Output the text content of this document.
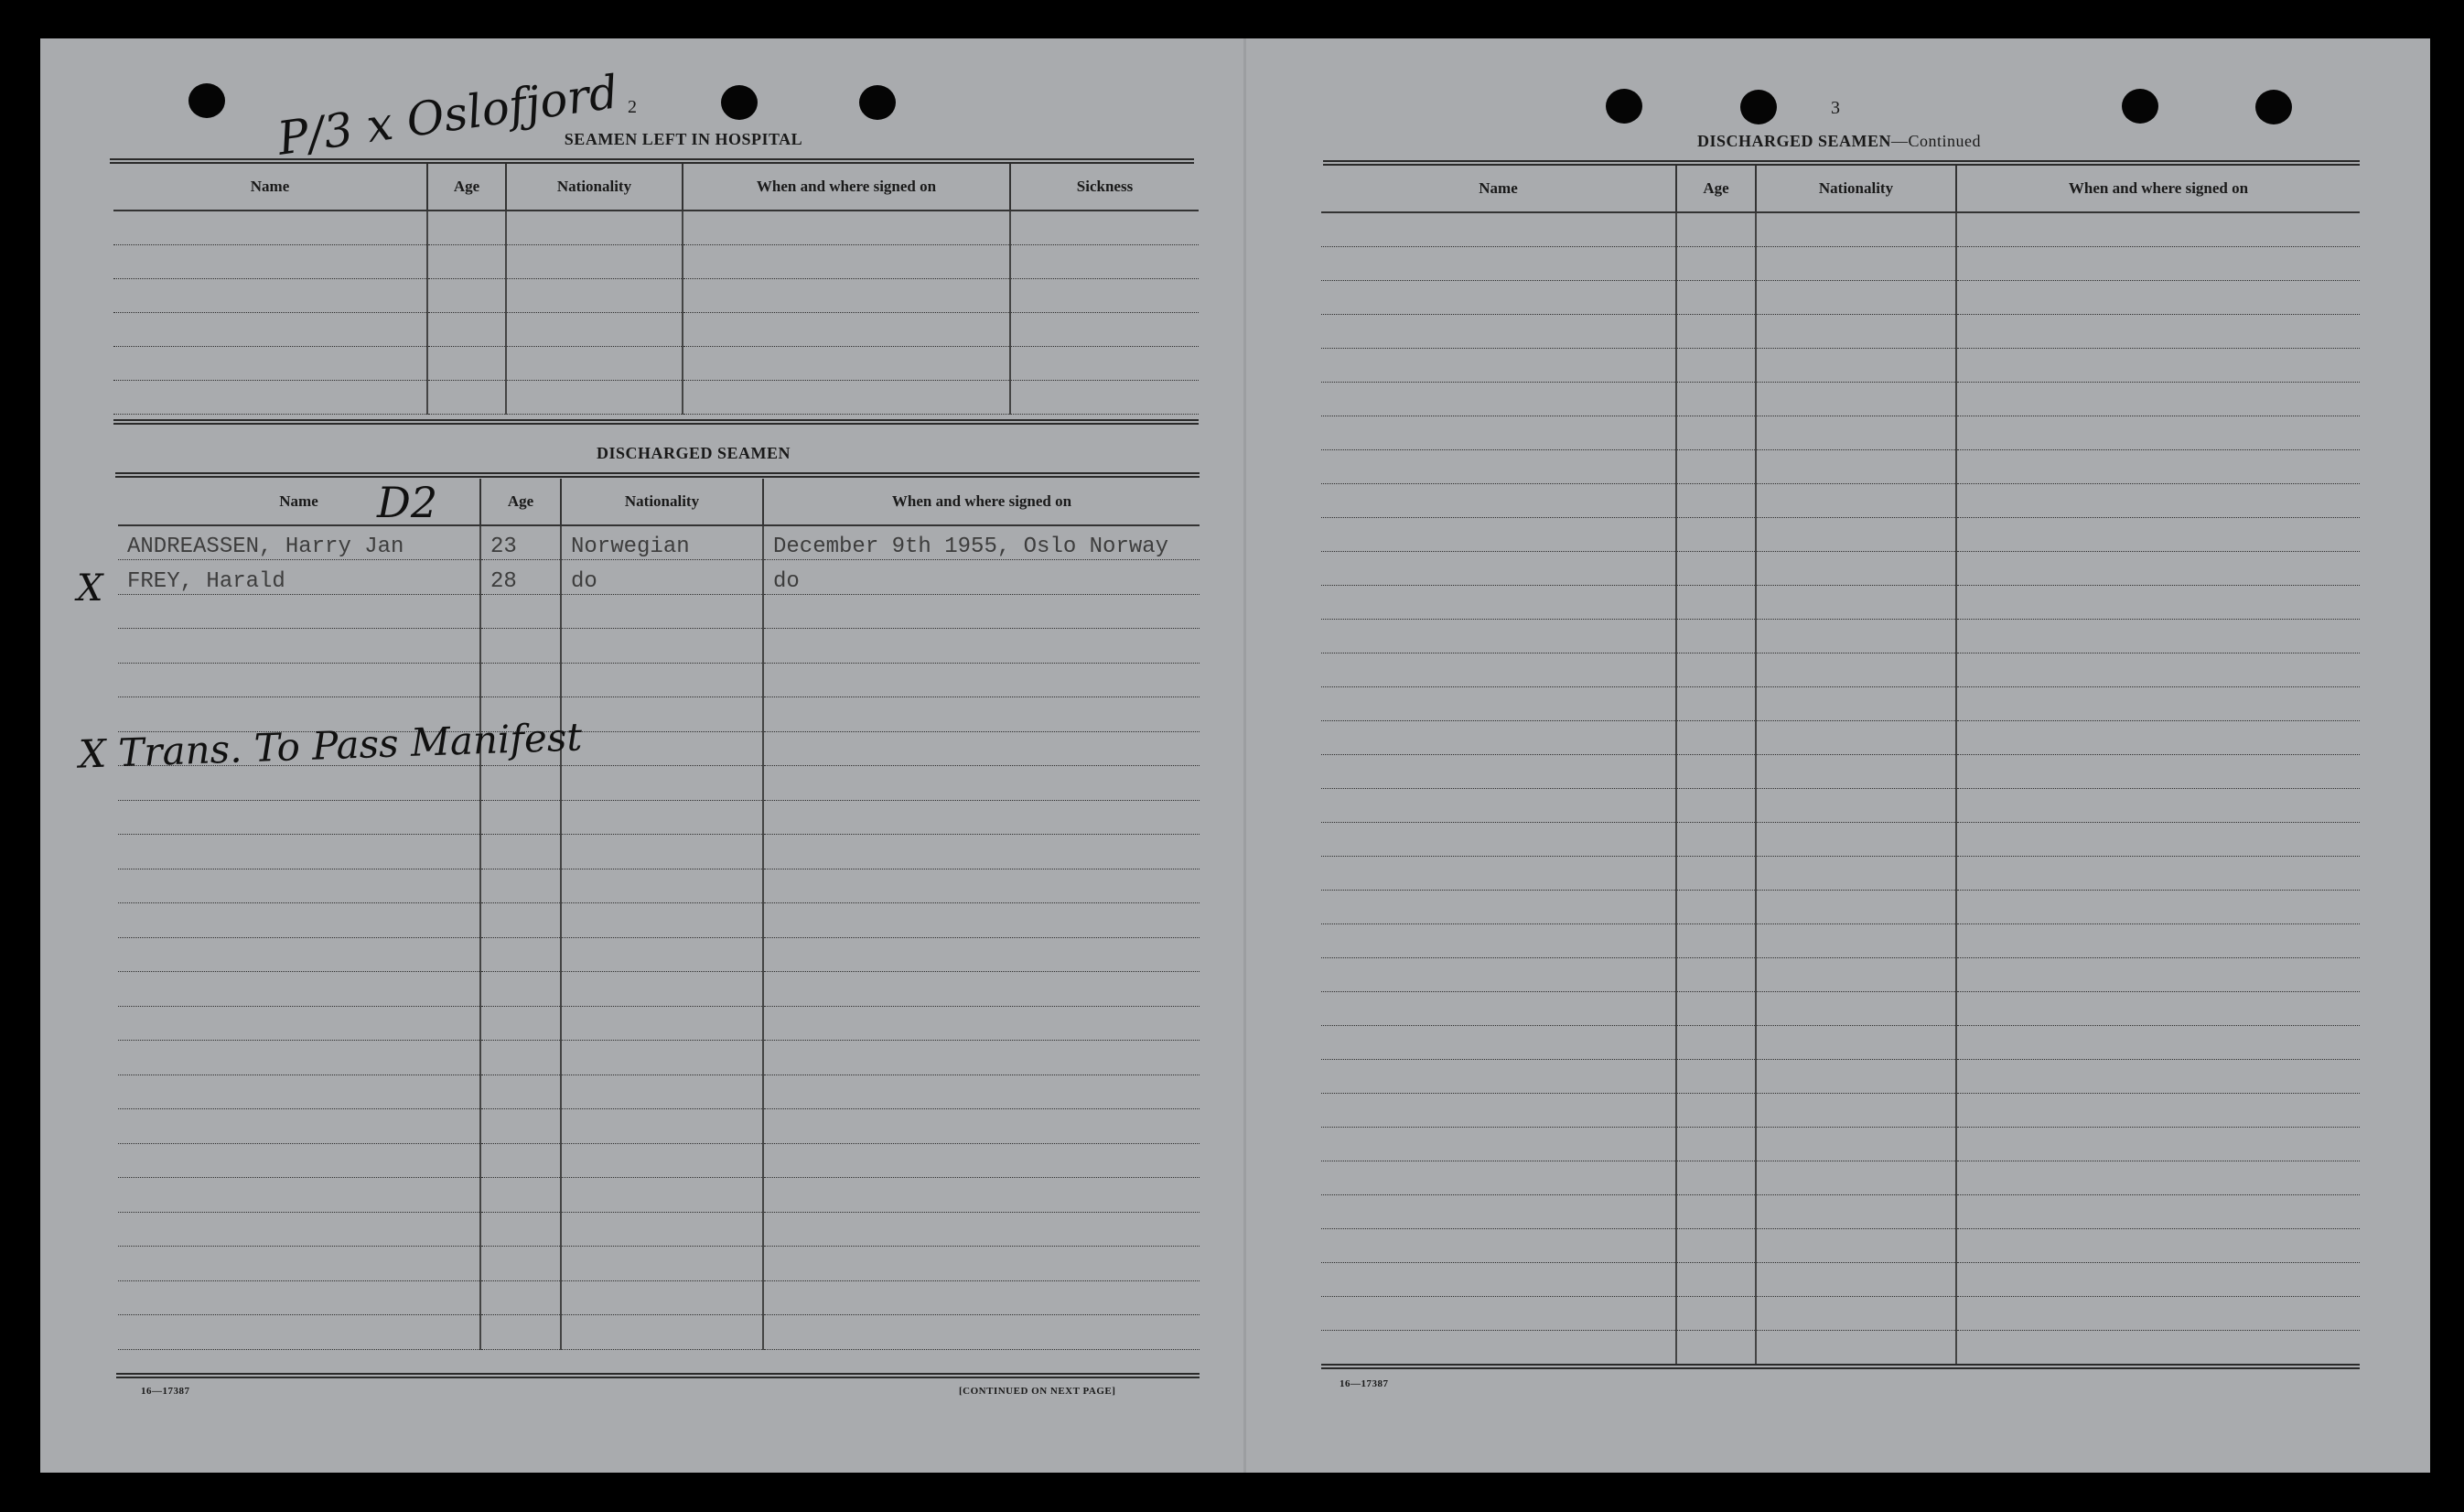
P/3 x Oslofjord 2
SEAMEN LEFT IN HOSPITAL
Name	Age	Nationality	When and where signed on	Sickness

DISCHARGED SEAMEN
Name	Age	Nationality	When and where signed on
ANDREASSEN, Harry Jan	23	Norwegian	December 9th 1955, Oslo Norway
FREY, Harald	28	do	do

D2
X
X Trans. To Pass Manifest
16—17387	[CONTINUED ON NEXT PAGE]
3
DISCHARGED SEAMEN—Continued
Name	Age	Nationality	When and where signed on

16—17387
